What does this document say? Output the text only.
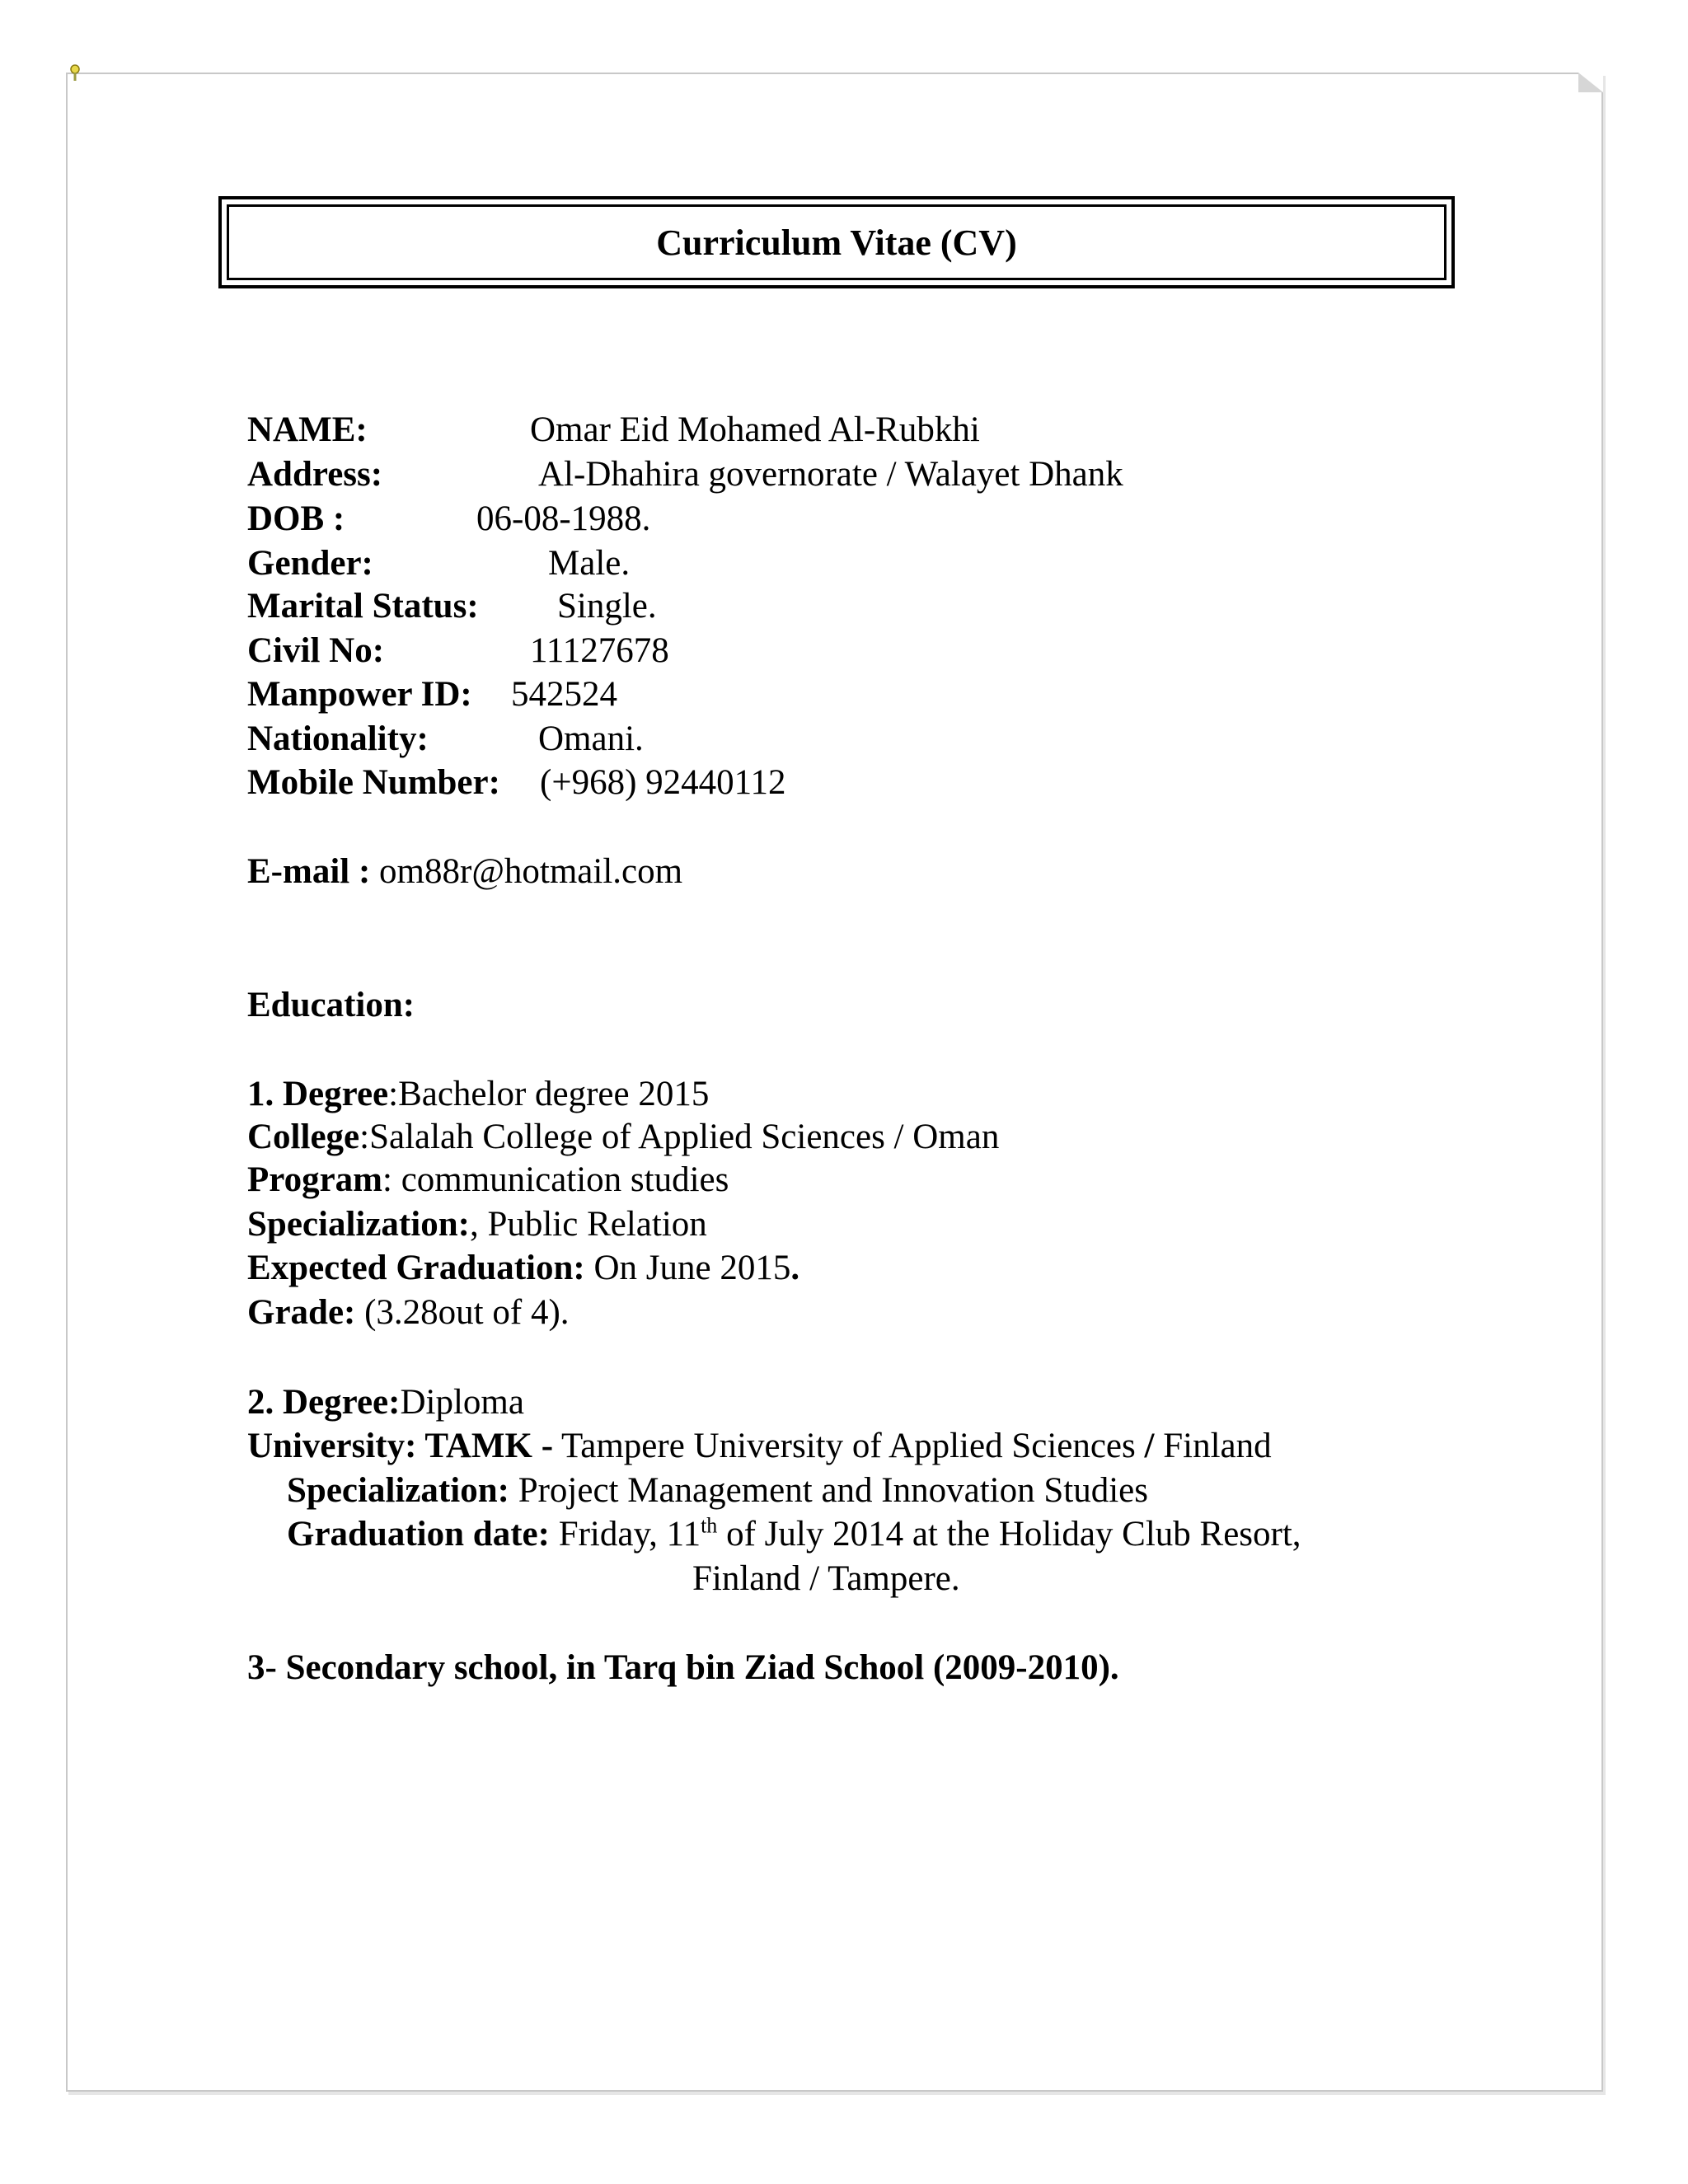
Curriculum Vitae (CV)
NAME:	Omar Eid Mohamed Al-Rubkhi
Address:	Al-Dhahira governorate / Walayet Dhank
DOB :	06-08-1988.
Gender:	Male.
Marital Status: Single.
Civil No:	11127678
Manpower ID: 542524
Nationality:	Omani.
Mobile Number: (+968) 92440112
E-mail : om88r@hotmail.com
Education:
1. Degree:Bachelor degree 2015
College:Salalah College of Applied Sciences / Oman
Program: communication studies
Specialization:, Public Relation
Expected Graduation: On June 2015.
Grade: (3.28out of 4).
2. Degree:Diploma
University: TAMK - Tampere University of Applied Sciences / Finland
Specialization: Project Management and Innovation Studies
Graduation date: Friday, 11th of July 2014 at the Holiday Club Resort,
Finland / Tampere.
3- Secondary school, in Tarq bin Ziad School (2009-2010).
